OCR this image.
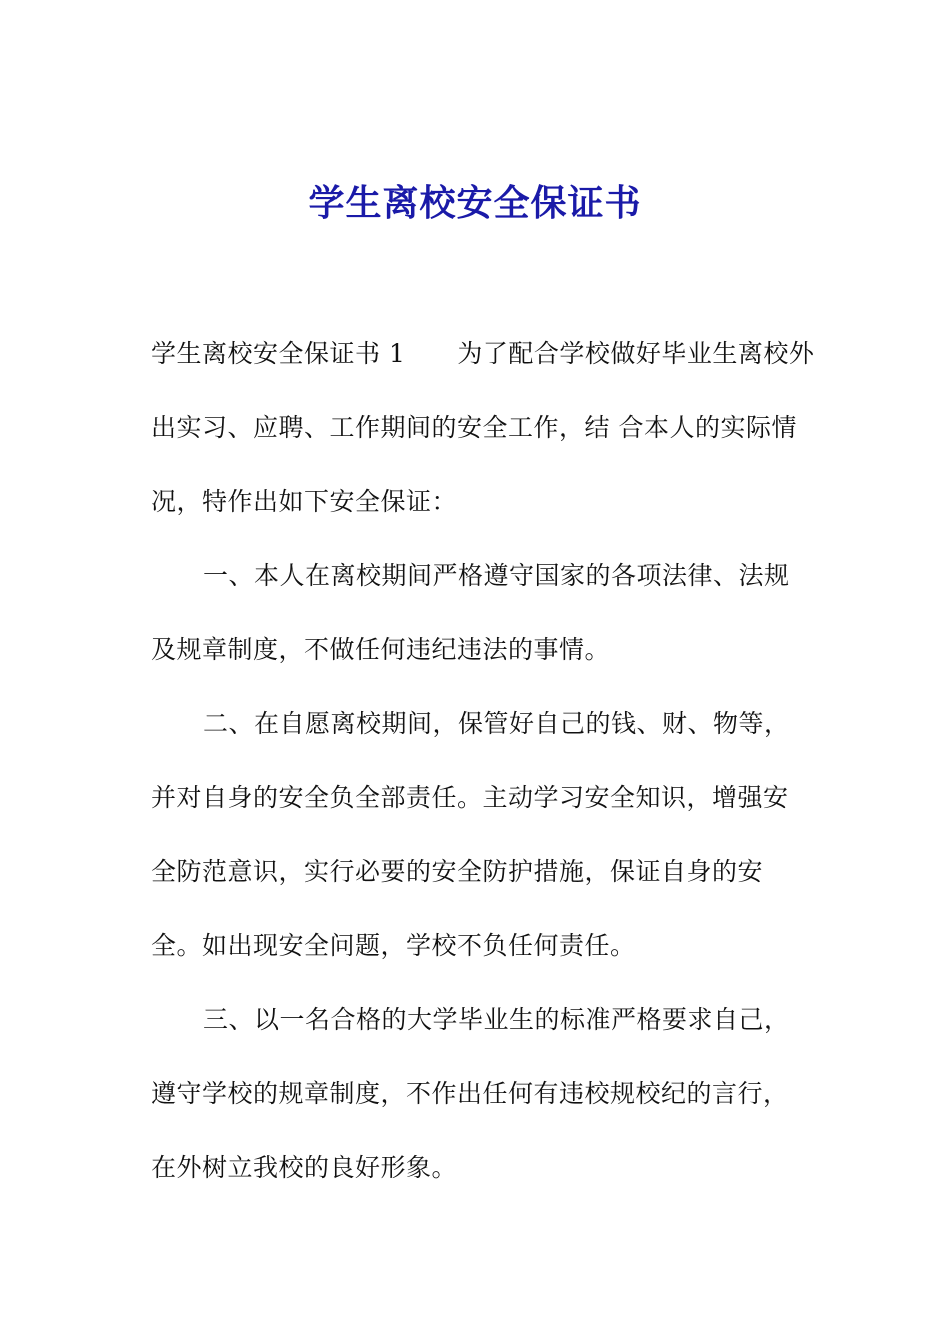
学生离校安全保证书
学生离校安全保证书 1 为了配合学校做好毕业生离校外
出实习、应聘、工作期间的安全工作，结 合本人的实际情
况，特作出如下安全保证：
一、本人在离校期间严格遵守国家的各项法律、法规
及规章制度，不做任何违纪违法的事情。
二、在自愿离校期间，保管好自己的钱、财、物等，
并对自身的安全负全部责任。主动学习安全知识，增强安
全防范意识，实行必要的安全防护措施，保证自身的安
全。如出现安全问题，学校不负任何责任。
三、以一名合格的大学毕业生的标准严格要求自己，
遵守学校的规章制度，不作出任何有违校规校纪的言行，
在外树立我校的良好形象。
